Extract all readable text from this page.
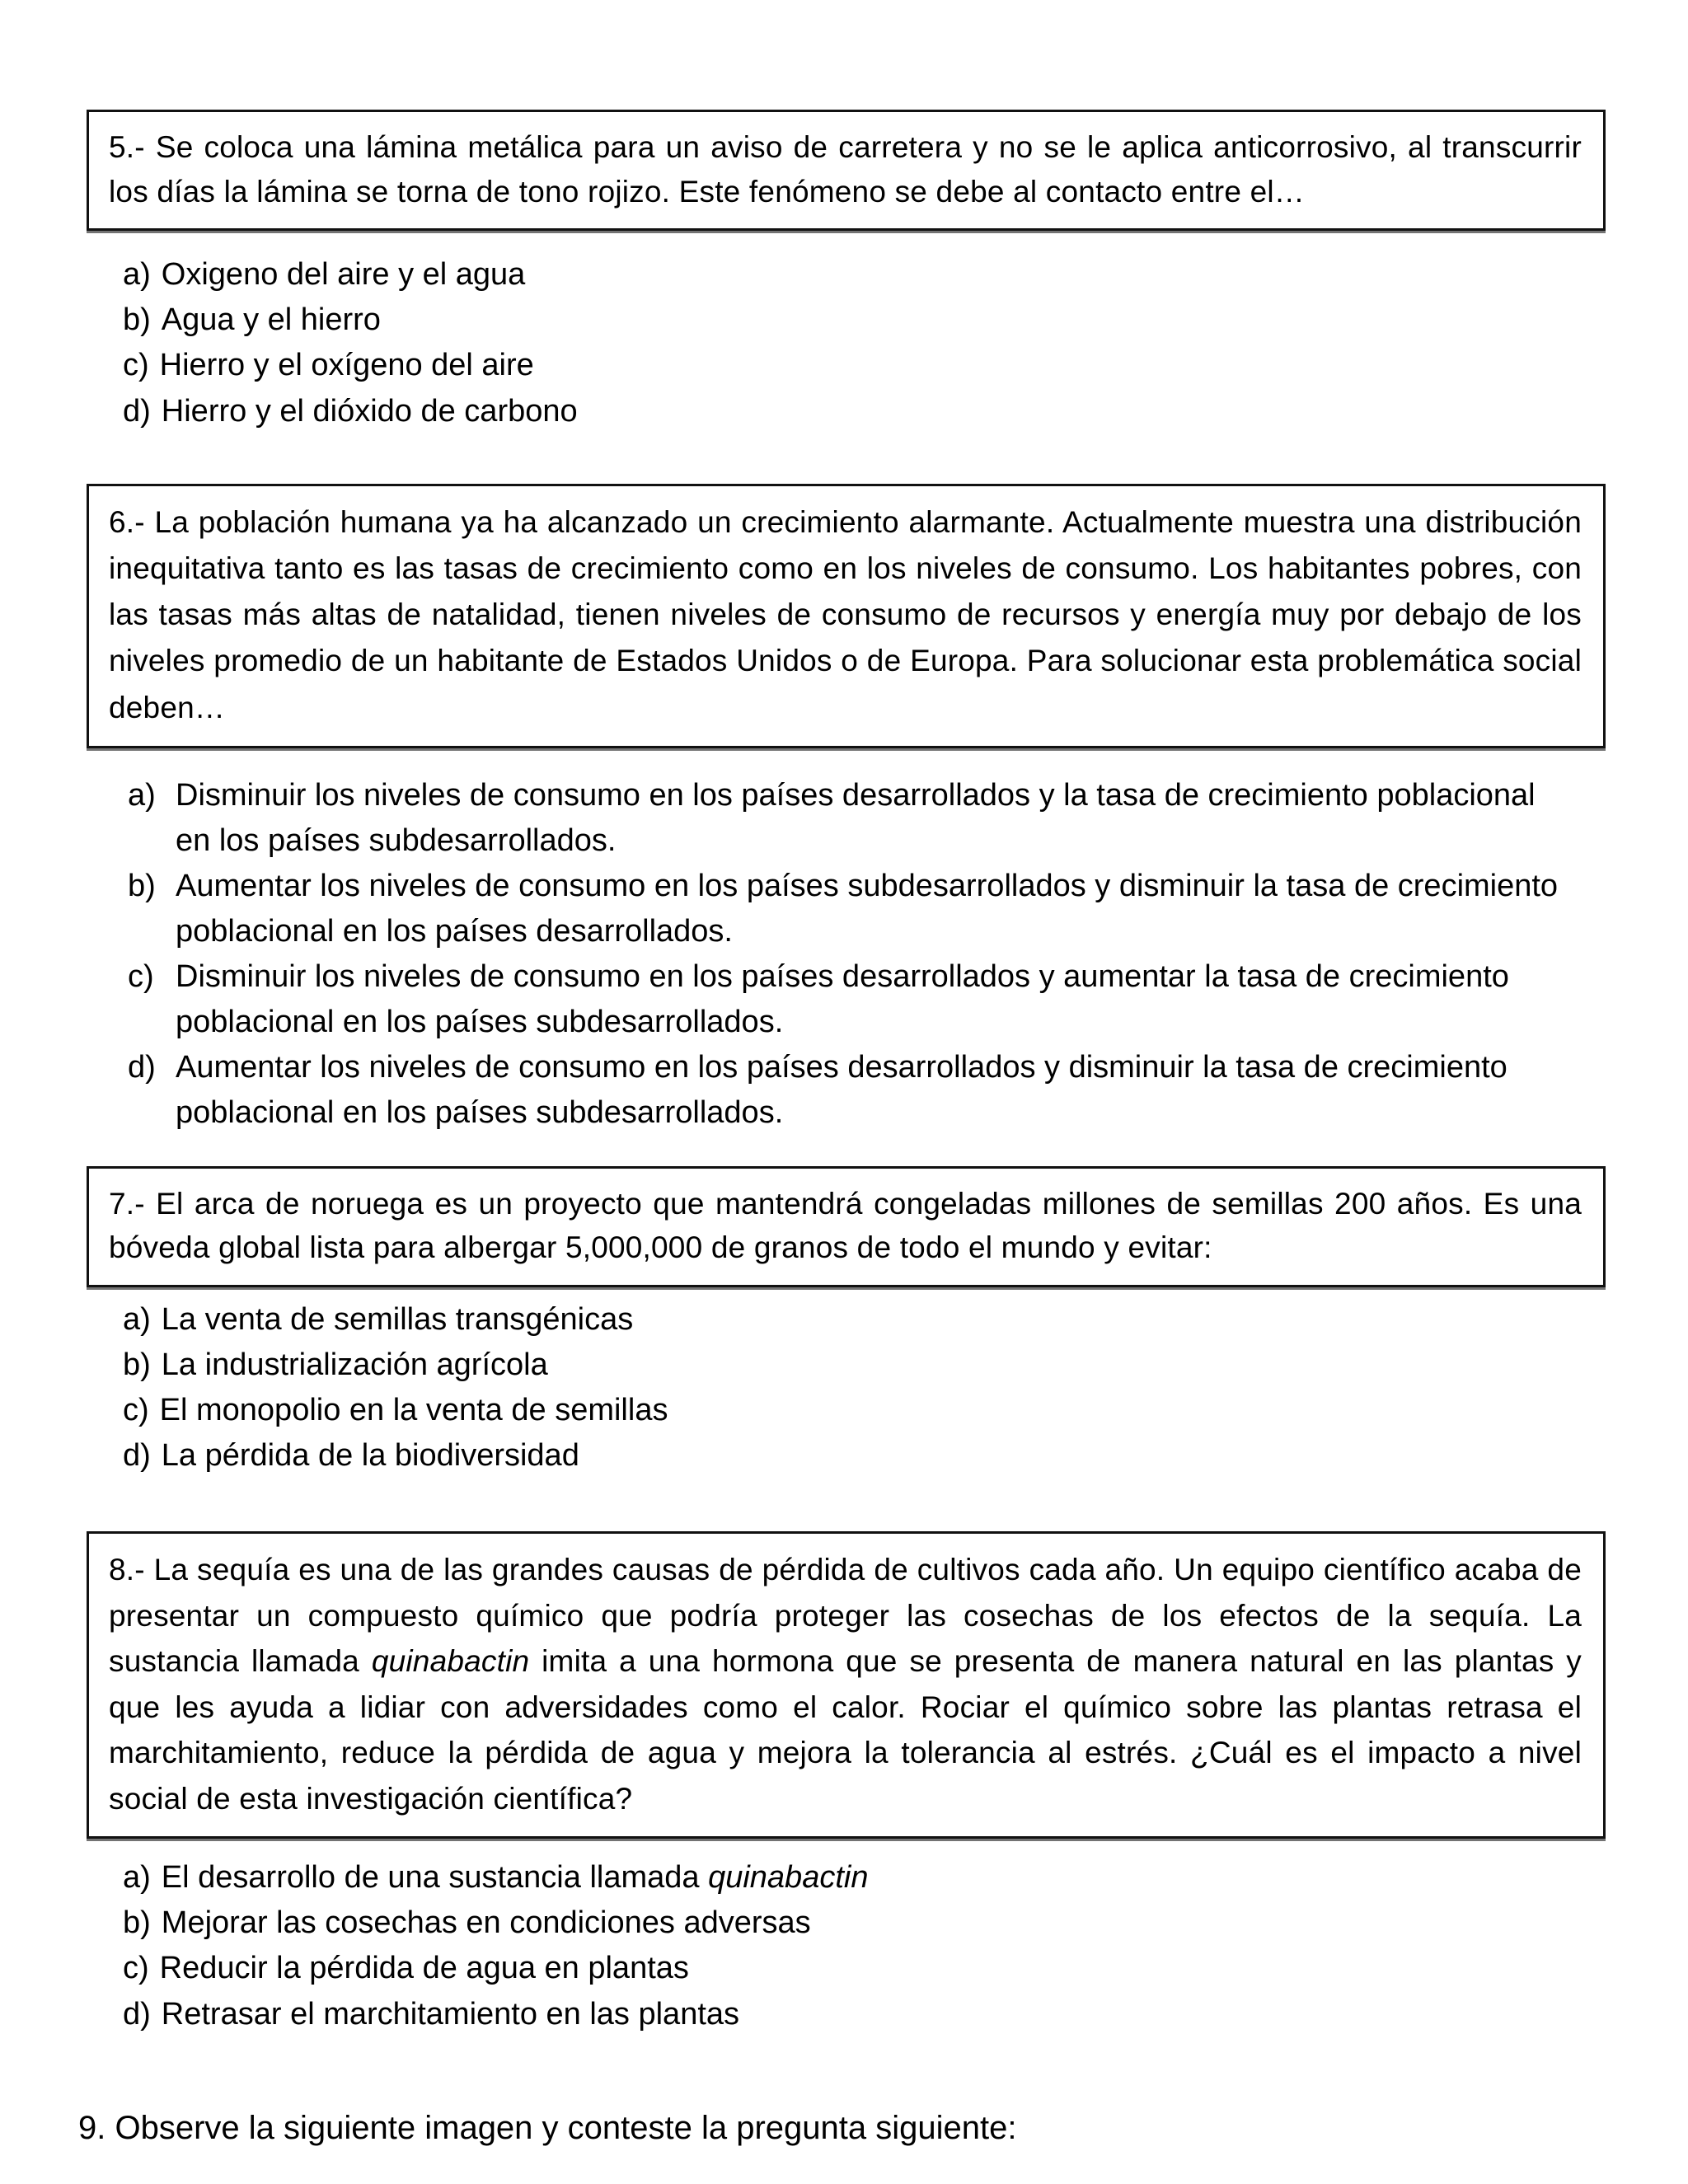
5.- Se coloca una lámina metálica para un aviso de carretera y no se le aplica anticorrosivo, al transcurrir los días la lámina se torna de tono rojizo. Este fenómeno se debe al contacto entre el…

a) Oxigeno del aire y el agua
b) Agua y el hierro
c) Hierro y el oxígeno del aire
d) Hierro y el dióxido de carbono

6.- La población humana ya ha alcanzado un crecimiento alarmante. Actualmente muestra una distribución inequitativa tanto es las tasas de crecimiento como en los niveles de consumo. Los habitantes pobres, con las tasas más altas de natalidad, tienen niveles de consumo de recursos y energía muy por debajo de los niveles promedio de un habitante de Estados Unidos o de Europa. Para solucionar esta problemática social deben…

a) Disminuir los niveles de consumo en los países desarrollados y la tasa de crecimiento poblacional en los países subdesarrollados.
b) Aumentar los niveles de consumo en los países subdesarrollados y disminuir la tasa de crecimiento poblacional en los países desarrollados.
c) Disminuir los niveles de consumo en los países desarrollados y aumentar la tasa de crecimiento poblacional en los países subdesarrollados.
d) Aumentar los niveles de consumo en los países desarrollados y disminuir la tasa de crecimiento poblacional en los países subdesarrollados.

7.- El arca de noruega es un proyecto que mantendrá congeladas millones de semillas 200 años. Es una bóveda global lista para albergar 5,000,000 de granos de todo el mundo y evitar:

a) La venta de semillas transgénicas
b) La industrialización agrícola
c) El monopolio en la venta de semillas
d) La pérdida de la biodiversidad

8.- La sequía es una de las grandes causas de pérdida de cultivos cada año. Un equipo científico acaba de presentar un compuesto químico que podría proteger las cosechas de los efectos de la sequía. La sustancia llamada quinabactin imita a una hormona que se presenta de manera natural en las plantas y que les ayuda a lidiar con adversidades como el calor. Rociar el químico sobre las plantas retrasa el marchitamiento, reduce la pérdida de agua y mejora la tolerancia al estrés. ¿Cuál es el impacto a nivel social de esta investigación científica?

a) El desarrollo de una sustancia llamada quinabactin
b) Mejorar las cosechas en condiciones adversas
c) Reducir la pérdida de agua en plantas
d) Retrasar el marchitamiento en las plantas

9. Observe la siguiente imagen y conteste la pregunta siguiente:
